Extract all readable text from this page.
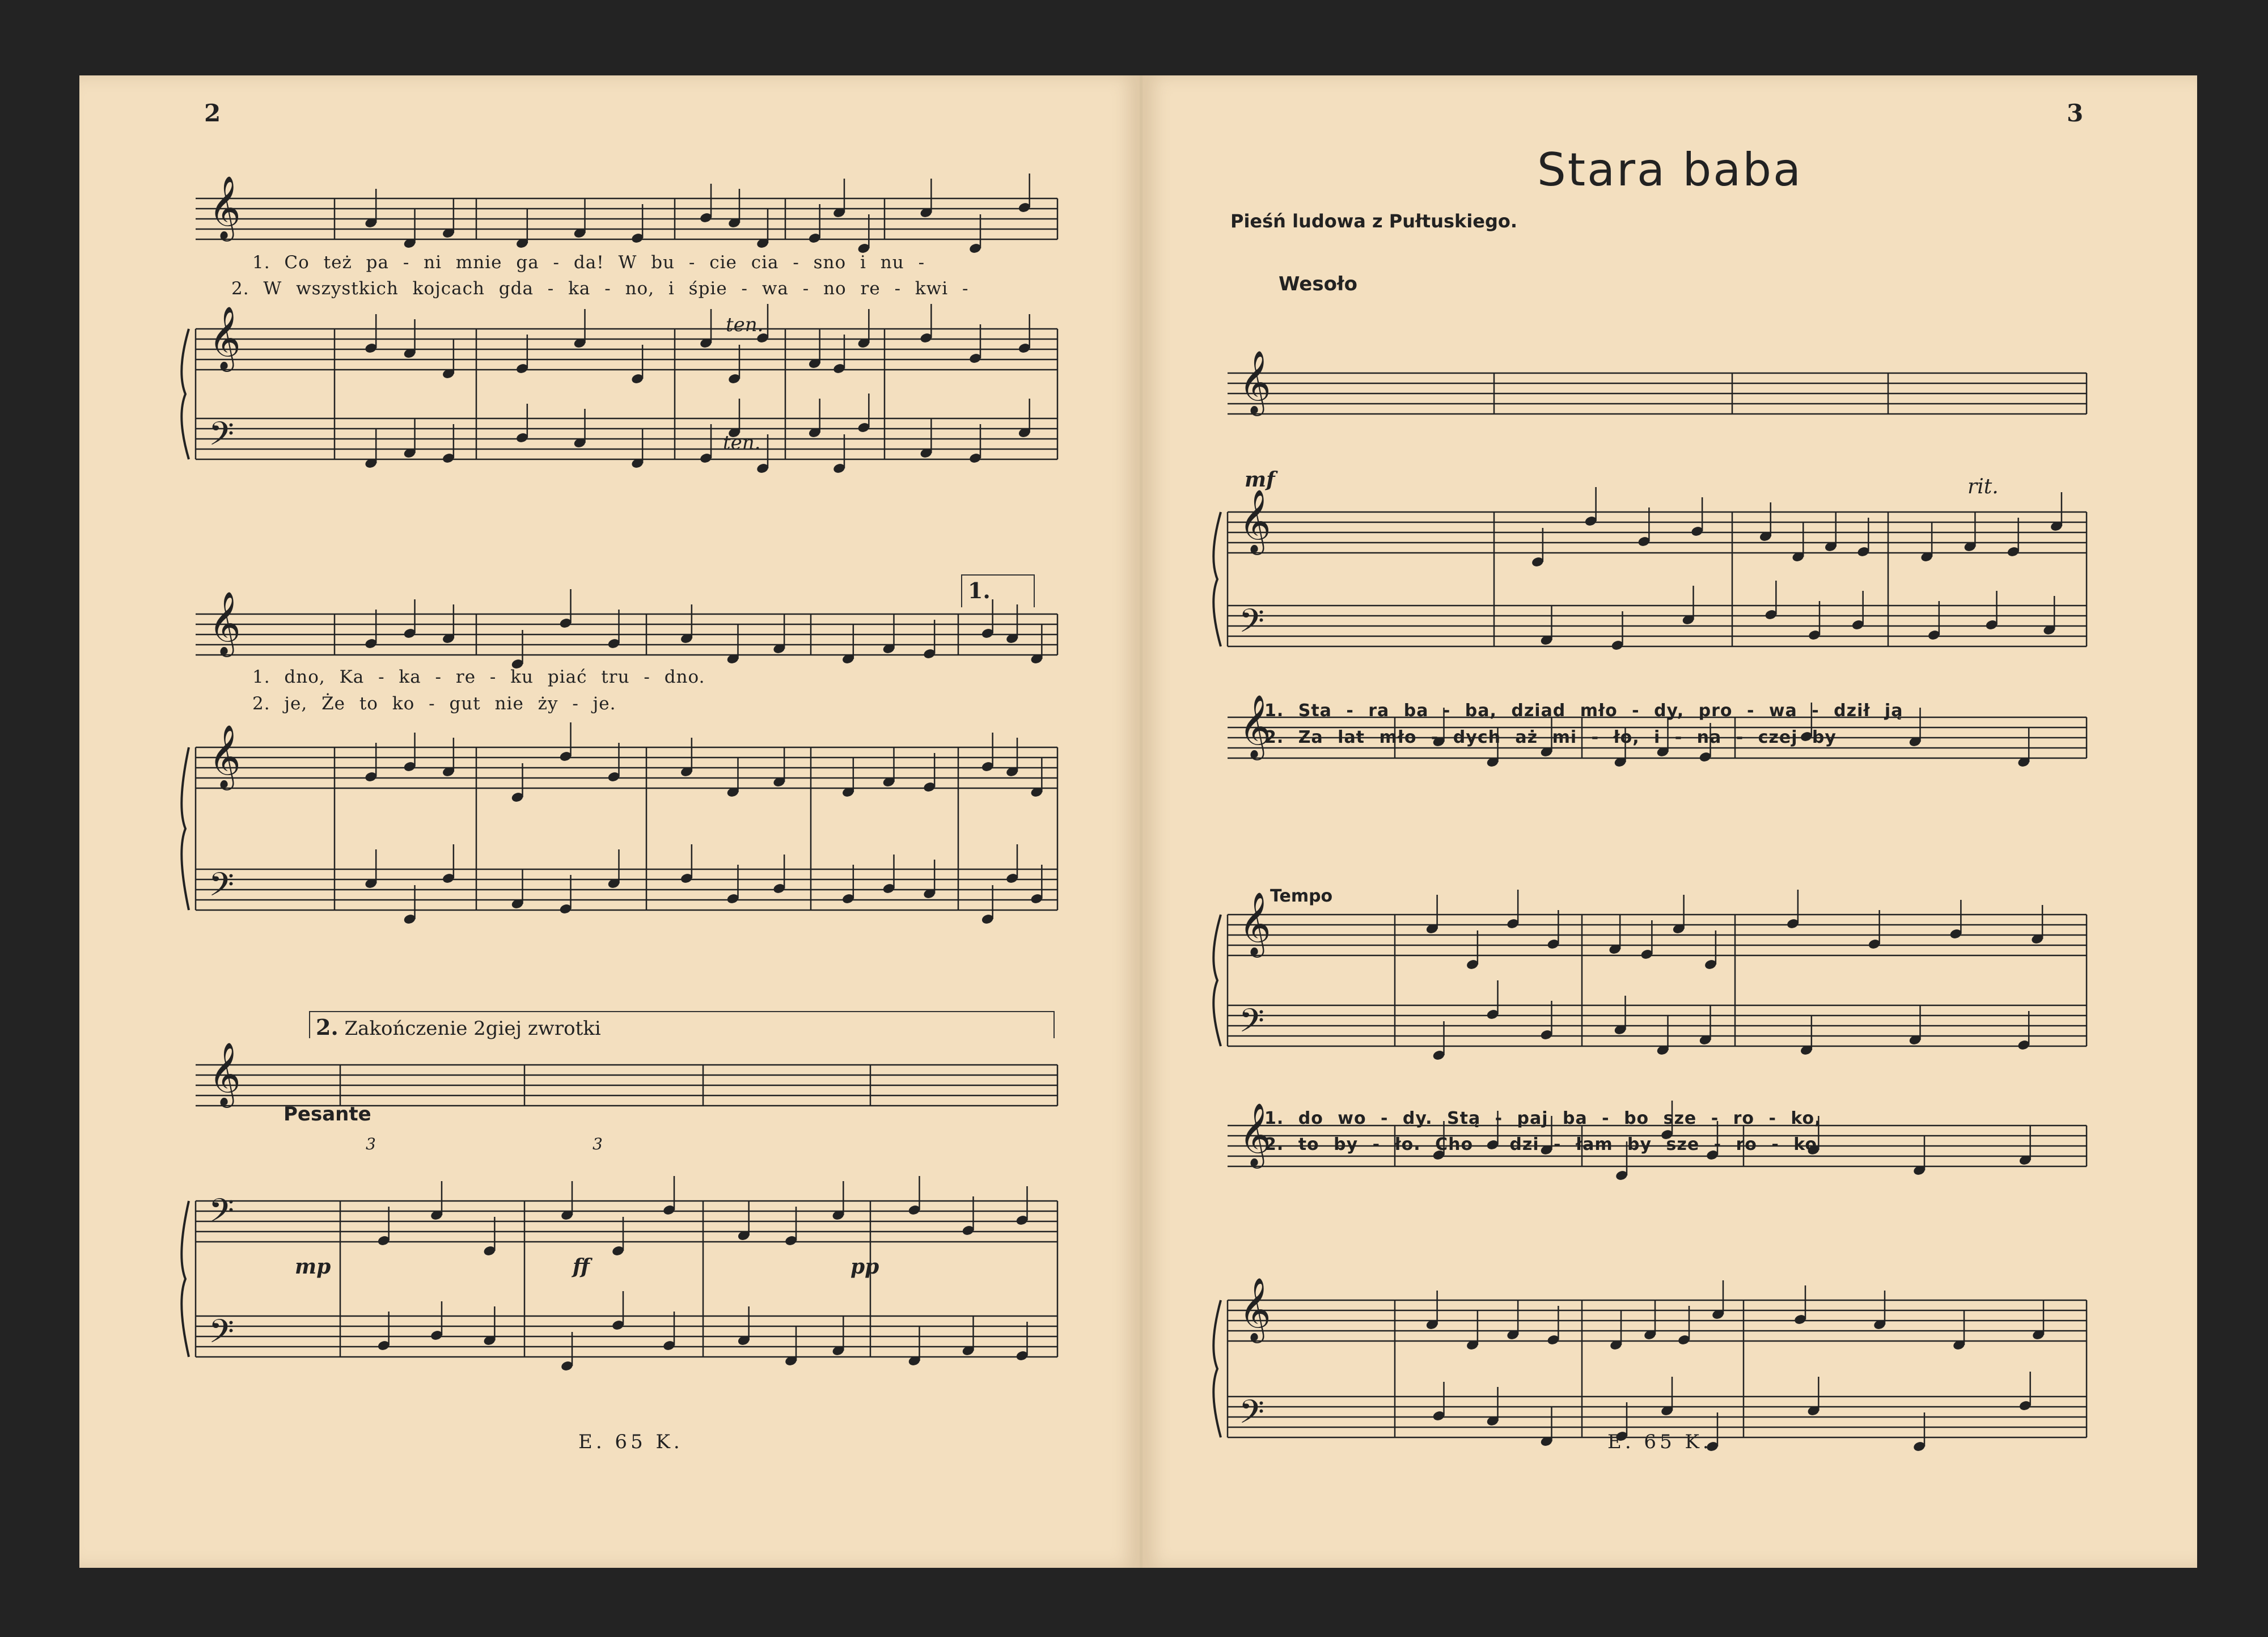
2
𝄞
𝄞
𝄢
𝄞
𝄞
𝄢
𝄞
𝄢
𝄢
1. Co też pa - ni mnie ga - da! W bu - cie cia - sno i nu -
2. W wszystkich kojcach gda - ka - no, i śpie - wa - no re - kwi -
ten.
ten.
1.
1. dno, Ka - ka - re - ku piać tru - dno.
2. je, Że to ko - gut nie ży - je.
2. Zakończenie 2giej zwrotki
Pesante
mp	ff	pp
3	3
E. 65 K.
3
Stara baba
Pieśń ludowa z Pułtuskiego.
𝄞
𝄞
𝄢
𝄞
𝄞
𝄢
𝄞
𝄞
𝄢
Wesoło
mf	rit.
1. Sta - ra ba - ba, dziad mło - dy, pro - wa - dził ją
2. Za lat mło - dych aż mi - ło, i - na - czej by
Tempo
1. do wo - dy. Stą - paj ba - bo sze - ro - ko,
2. to by - ło. Cho - dzi - łam by sze - ro - ko
E. 65 K.
